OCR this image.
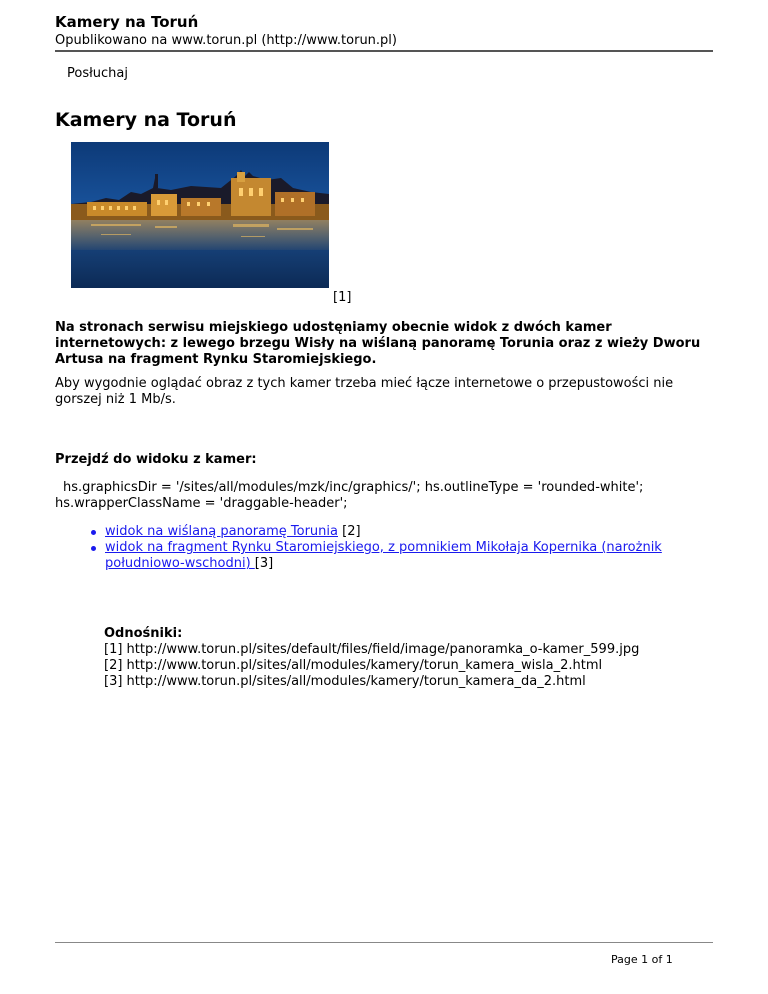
Kamery na Toruń
Opublikowano na www.torun.pl (http://www.torun.pl)
Posłuchaj
Kamery na Toruń
[1]

Na stronach serwisu miejskiego udostęniamy obecnie widok z dwóch kamer internetowych: z lewego brzegu Wisły na wiślaną panoramę Torunia oraz z wieży Dworu Artusa na fragment Rynku Staromiejskiego.

Aby wygodnie oglądać obraz z tych kamer trzeba mieć łącze internetowe o przepustowości nie gorszej niż 1 Mb/s.

Przejdź do widoku z kamer:

hs.graphicsDir = '/sites/all/modules/mzk/inc/graphics/'; hs.outlineType = 'rounded-white'; hs.wrapperClassName = 'draggable-header';

widok na wiślaną panoramę Torunia [2]
widok na fragment Rynku Staromiejskiego, z pomnikiem Mikołaja Kopernika (narożnik południowo-wschodni) [3]
Odnośniki:
[1] http://www.torun.pl/sites/default/files/field/image/panoramka_o-kamer_599.jpg
[2] http://www.torun.pl/sites/all/modules/kamery/torun_kamera_wisla_2.html
[3] http://www.torun.pl/sites/all/modules/kamery/torun_kamera_da_2.html
Page 1 of 1
